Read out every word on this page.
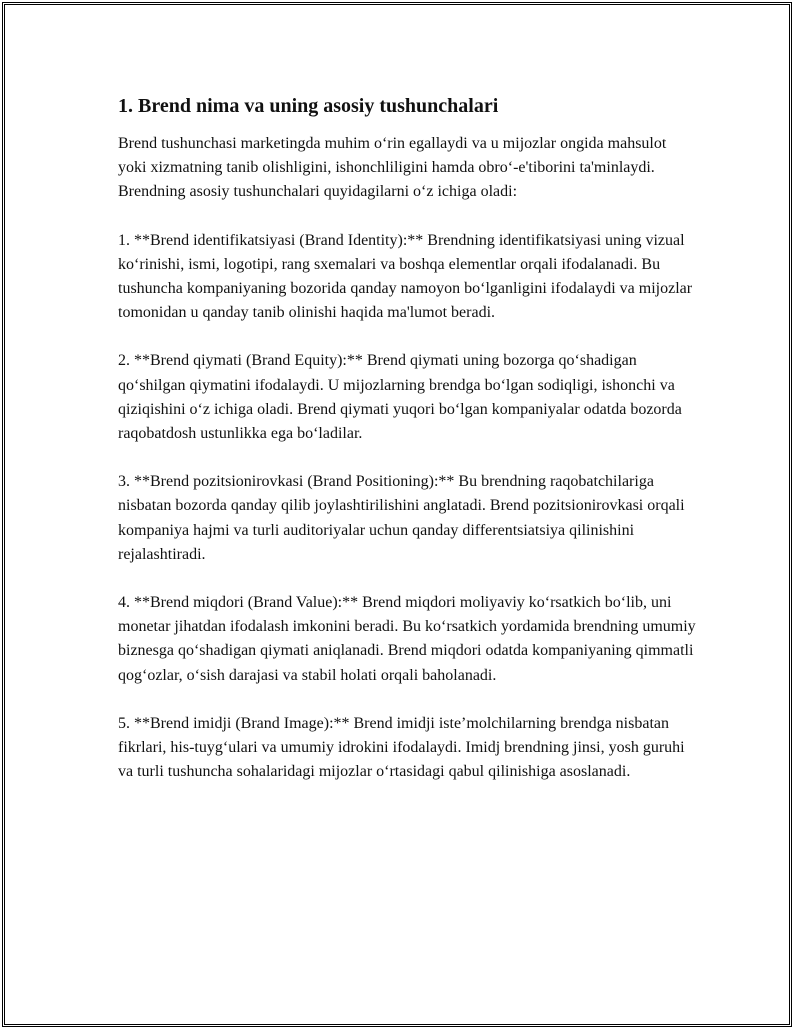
1. Brend nima va uning asosiy tushunchalari

Brend tushunchasi marketingda muhim o‘rin egallaydi va u mijozlar ongida mahsulot yoki xizmatning tanib olishligini, ishonchliligini hamda obro‘-e'tiborini ta'minlaydi. Brendning asosiy tushunchalari quyidagilarni o‘z ichiga oladi:

1. **Brend identifikatsiyasi (Brand Identity):** Brendning identifikatsiyasi uning vizual ko‘rinishi, ismi, logotipi, rang sxemalari va boshqa elementlar orqali ifodalanadi. Bu tushuncha kompaniyaning bozorida qanday namoyon bo‘lganligini ifodalaydi va mijozlar tomonidan u qanday tanib olinishi haqida ma'lumot beradi.

2. **Brend qiymati (Brand Equity):** Brend qiymati uning bozorga qo‘shadigan qo‘shilgan qiymatini ifodalaydi. U mijozlarning brendga bo‘lgan sodiqligi, ishonchi va qiziqishini o‘z ichiga oladi. Brend qiymati yuqori bo‘lgan kompaniyalar odatda bozorda raqobatdosh ustunlikka ega bo‘ladilar.

3. **Brend pozitsionirovkasi (Brand Positioning):** Bu brendning raqobatchilariga nisbatan bozorda qanday qilib joylashtirilishini anglatadi. Brend pozitsionirovkasi orqali kompaniya hajmi va turli auditoriyalar uchun qanday differentsiatsiya qilinishini rejalashtiradi.

4. **Brend miqdori (Brand Value):** Brend miqdori moliyaviy ko‘rsatkich bo‘lib, uni monetar jihatdan ifodalash imkonini beradi. Bu ko‘rsatkich yordamida brendning umumiy biznesga qo‘shadigan qiymati aniqlanadi. Brend miqdori odatda kompaniyaning qimmatli qog‘ozlar, o‘sish darajasi va stabil holati orqali baholanadi.

5. **Brend imidji (Brand Image):** Brend imidji iste’molchilarning brendga nisbatan fikrlari, his-tuyg‘ulari va umumiy idrokini ifodalaydi. Imidj brendning jinsi, yosh guruhi va turli tushuncha sohalaridagi mijozlar o‘rtasidagi qabul qilinishiga asoslanadi.
